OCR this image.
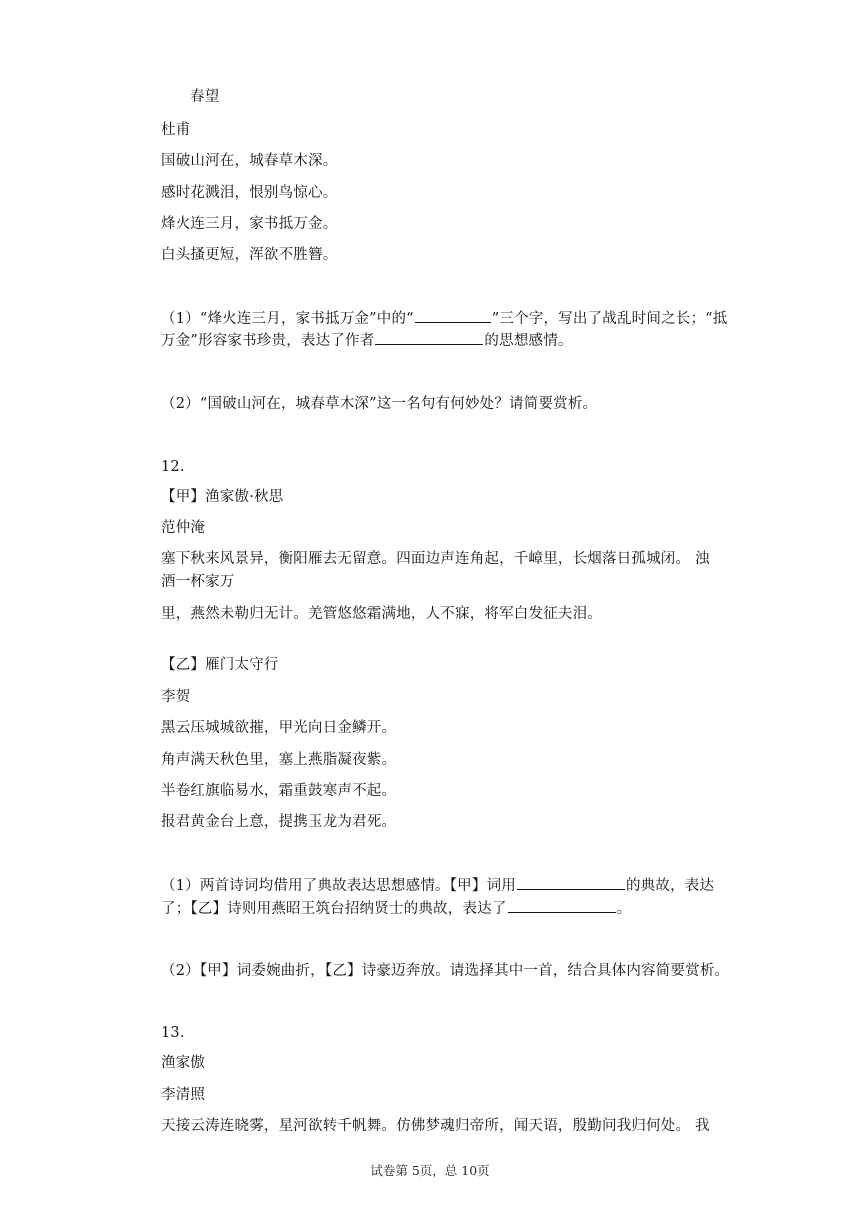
春望
杜甫
国破山河在，城春草木深。
感时花溅泪，恨别鸟惊心。
烽火连三月，家书抵万金。
白头搔更短，浑欲不胜簪。
（1）“烽火连三月，家书抵万金”中的“	”三个字，写出了战乱时间之长；“抵
万金”形容家书珍贵，表达了作者	的思想感情。
（2）“国破山河在，城春草木深”这一名句有何妙处？请简要赏析。
12.
【甲】渔家傲·秋思
范仲淹
塞下秋来风景异，衡阳雁去无留意。四面边声连角起，千嶂里，长烟落日孤城闭。 浊
酒一杯家万
里，燕然未勒归无计。羌管悠悠霜满地，人不寐，将军白发征夫泪。
【乙】雁门太守行
李贺
黑云压城城欲摧，甲光向日金鳞开。
角声满天秋色里，塞上燕脂凝夜紫。
半卷红旗临易水，霜重鼓寒声不起。
报君黄金台上意，提携玉龙为君死。
（1）两首诗词均借用了典故表达思想感情。【甲】词用	的典故，表达
了；【乙】诗则用燕昭王筑台招纳贤士的典故，表达了	。
（2）【甲】词委婉曲折，【乙】诗豪迈奔放。请选择其中一首，结合具体内容简要赏析。
13.
渔家傲
李清照
天接云涛连晓雾，星河欲转千帆舞。仿佛梦魂归帝所，闻天语，殷勤问我归何处。 我
试卷第 5页，总 10页
